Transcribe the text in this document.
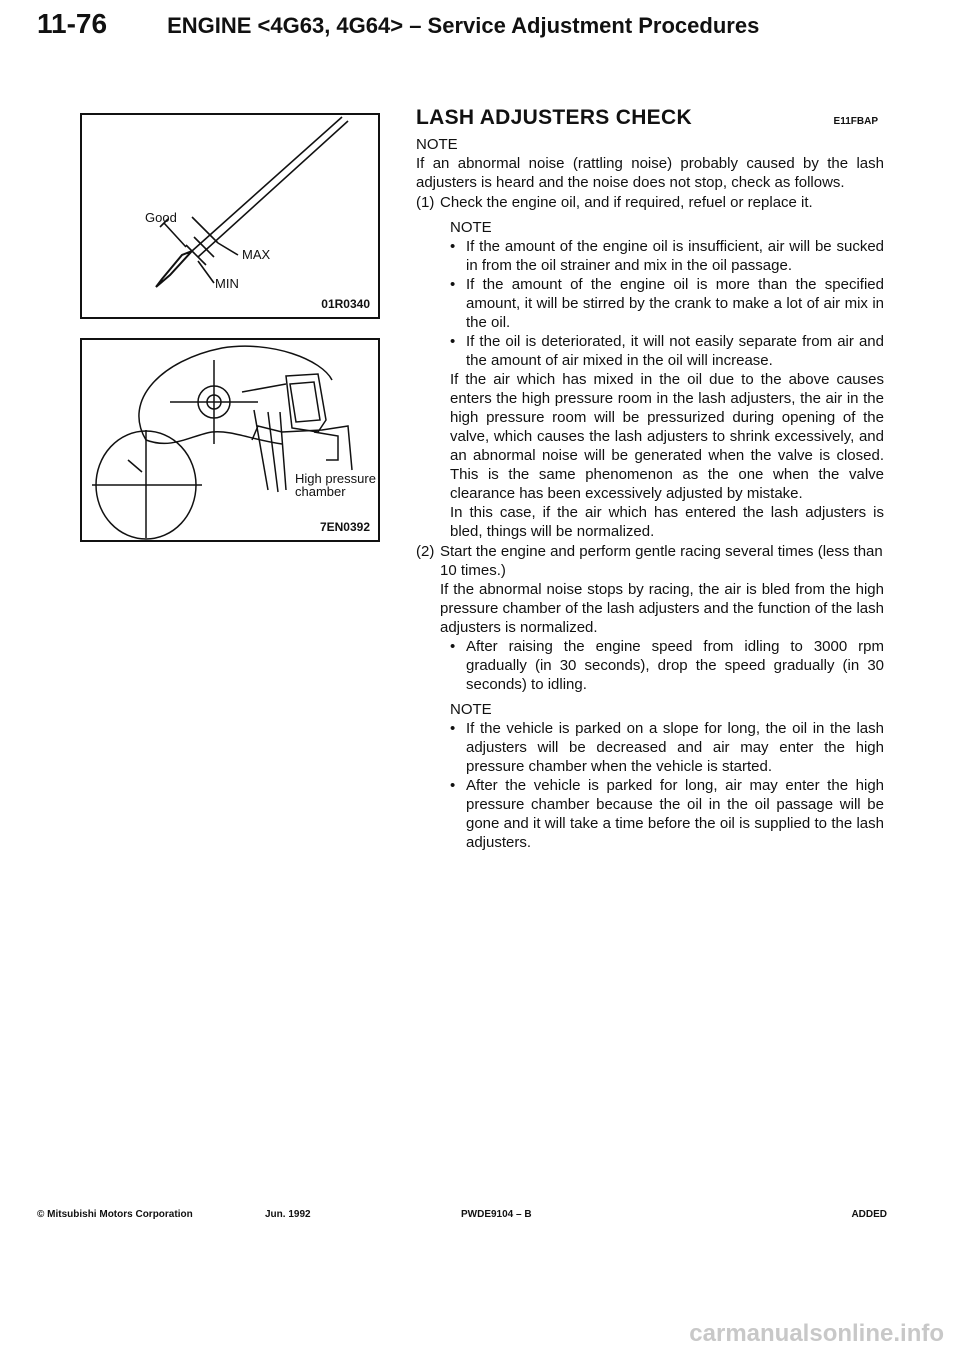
11-76	ENGINE <4G63, 4G64> – Service Adjustment Procedures
Good
MAX
MIN
01R0340
High pressure
chamber
7EN0392
LASH ADJUSTERS CHECK	E11FBAP

NOTE

If an abnormal noise (rattling noise) probably caused by the lash adjusters is heard and the noise does not stop, check as follows.

(1) Check the engine oil, and if required, refuel or replace it.

NOTE

• If the amount of the engine oil is insufficient, air will be sucked in from the oil strainer and mix in the oil passage.
• If the amount of the engine oil is more than the specified amount, it will be stirred by the crank to make a lot of air mix in the oil.
• If the oil is deteriorated, it will not easily separate from air and the amount of air mixed in the oil will increase.

If the air which has mixed in the oil due to the above causes enters the high pressure room in the lash adjusters, the air in the high pressure room will be pressurized during opening of the valve, which causes the lash adjusters to shrink excessively, and an abnormal noise will be generated when the valve is closed. This is the same phenomenon as the one when the valve clearance has been excessively adjusted by mistake.

In this case, if the air which has entered the lash adjusters is bled, things will be normalized.

(2) Start the engine and perform gentle racing several times (less than 10 times.)

If the abnormal noise stops by racing, the air is bled from the high pressure chamber of the lash adjusters and the function of the lash adjusters is normalized.

• After raising the engine speed from idling to 3000 rpm gradually (in 30 seconds), drop the speed gradually (in 30 seconds) to idling.

NOTE

• If the vehicle is parked on a slope for long, the oil in the lash adjusters will be decreased and air may enter the high pressure chamber when the vehicle is started.
• After the vehicle is parked for long, air may enter the high pressure chamber because the oil in the oil passage will be gone and it will take a time before the oil is supplied to the lash adjusters.
© Mitsubishi Motors Corporation	Jun. 1992	PWDE9104 – B	ADDED
carmanualsonline.info
